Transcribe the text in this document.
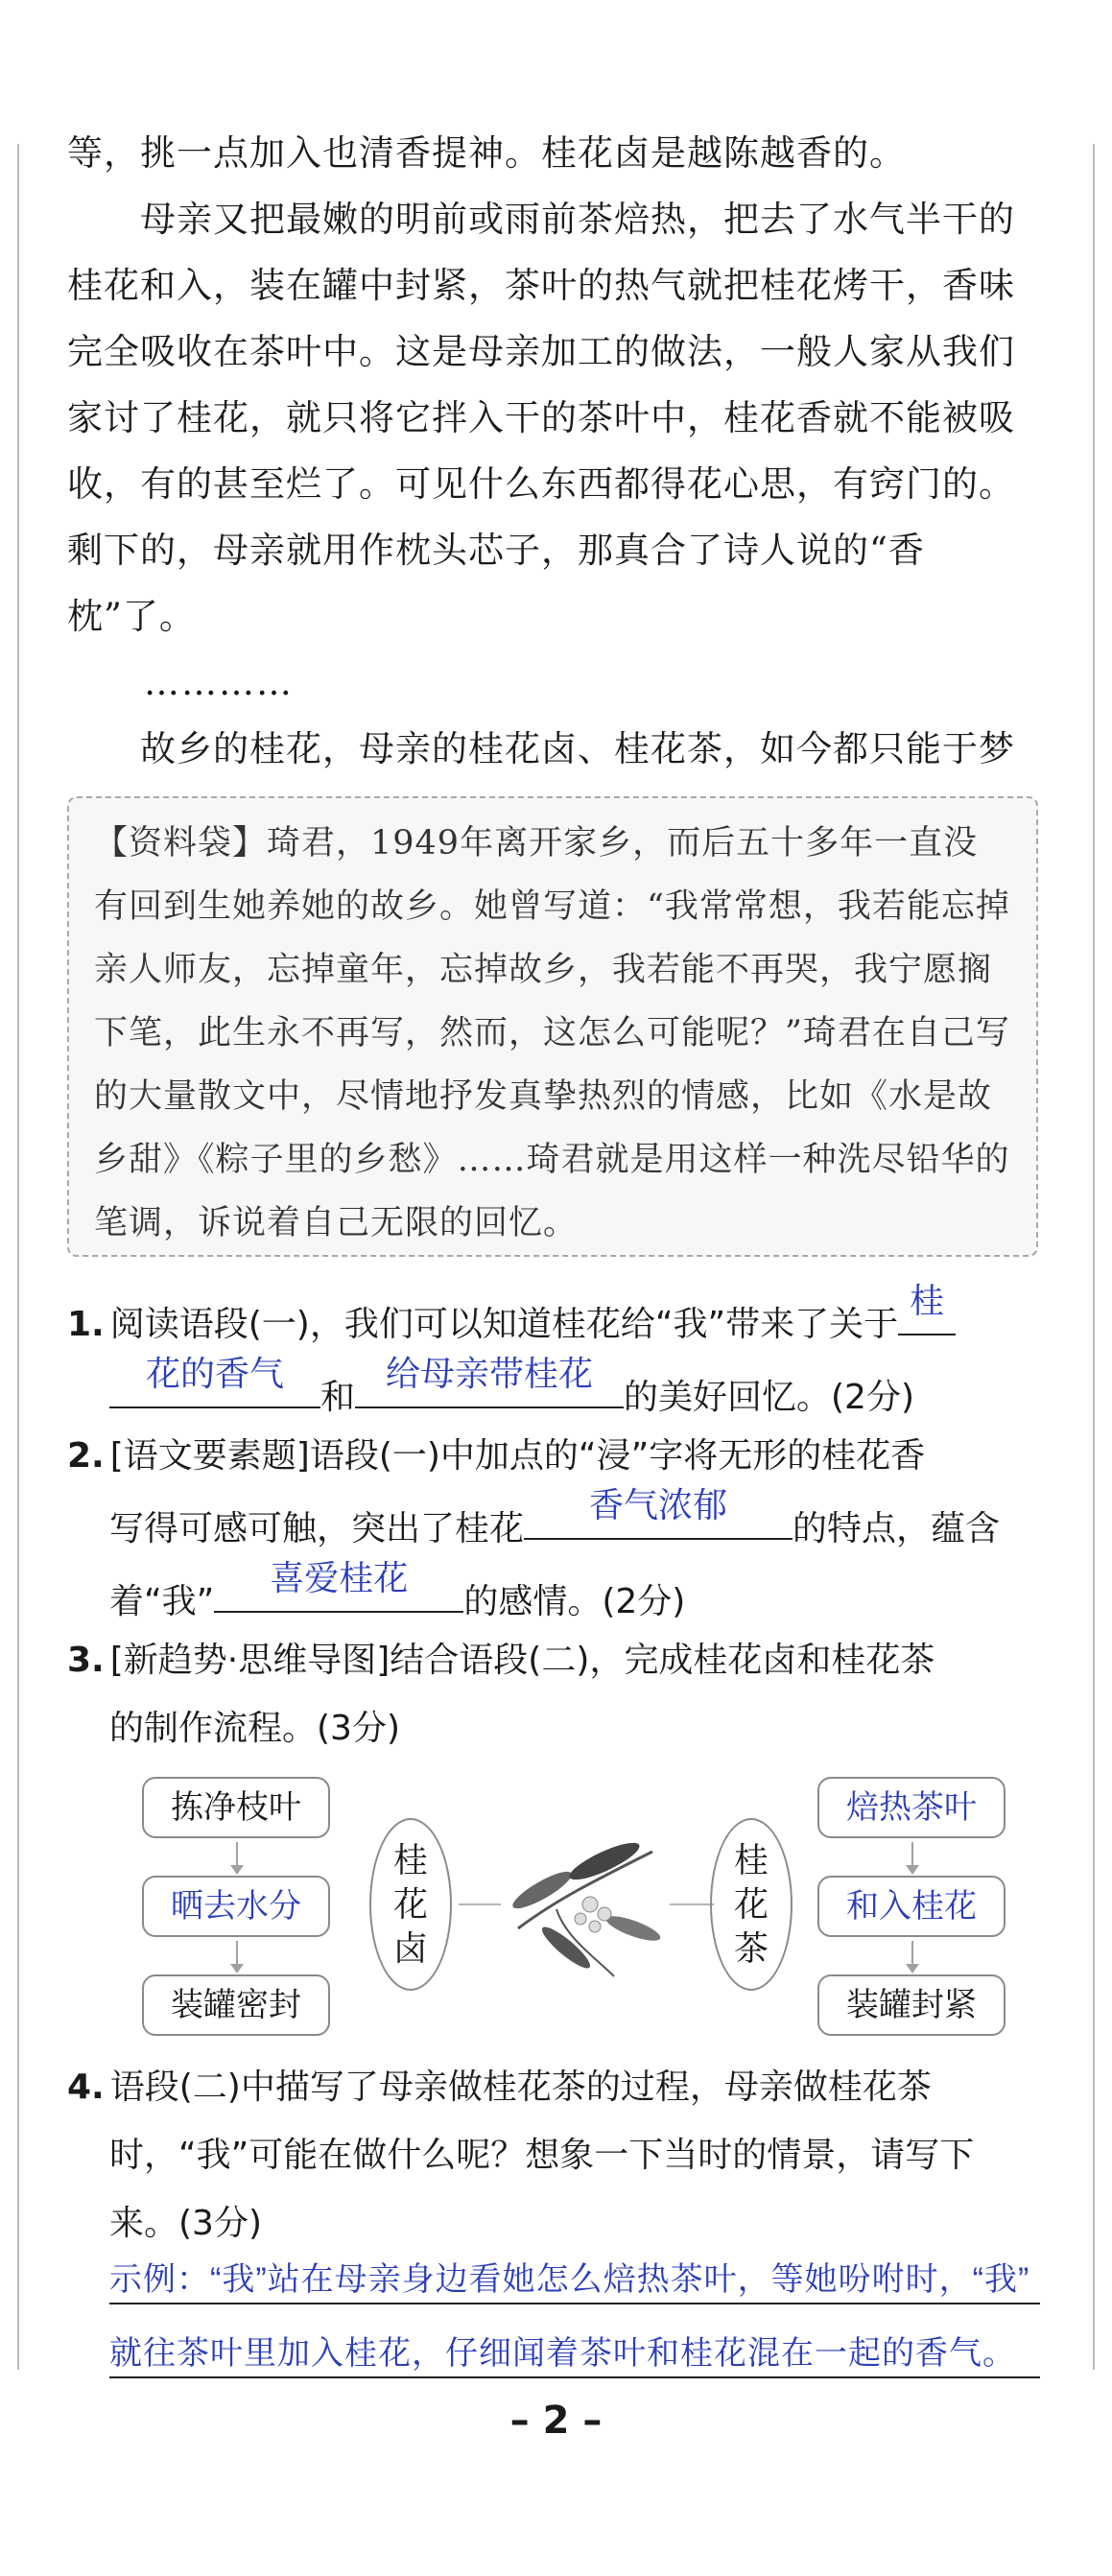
等，挑一点加入也清香提神。桂花卤是越陈越香的。

母亲又把最嫩的明前或雨前茶焙热，把去了水气半干的桂花和入，装在罐中封紧，茶叶的热气就把桂花烤干，香味完全吸收在茶叶中。这是母亲加工的做法，一般人家从我们家讨了桂花，就只将它拌入干的茶叶中，桂花香就不能被吸收，有的甚至烂了。可见什么东西都得花心思，有窍门的。剩下的，母亲就用作枕头芯子，那真合了诗人说的“香枕”了。

…………

故乡的桂花，母亲的桂花卤、桂花茶，如今都只能于梦

【资料袋】琦君，1949年离开家乡，而后五十多年一直没有回到生她养她的故乡。她曾写道：“我常常想，我若能忘掉亲人师友，忘掉童年，忘掉故乡，我若能不再哭，我宁愿搁下笔，此生永不再写，然而，这怎么可能呢？”琦君在自己写的大量散文中，尽情地抒发真挚热烈的情感，比如《水是故乡甜》《粽子里的乡愁》……琦君就是用这样一种洗尽铅华的笔调，诉说着自己无限的回忆。

1. 阅读语段(一)，我们可以知道桂花给“我”带来了关于
桂
花的香气
和
给母亲带桂花
的美好回忆。(2分)
2. [语文要素题]语段(一)中加点的“浸”字将无形的桂花香
写得可感可触，突出了桂花
香气浓郁
的特点，蕴含
着“我”
喜爱桂花
的感情。(2分)
3. [新趋势·思维导图]结合语段(二)，完成桂花卤和桂花茶
的制作流程。(3分)
拣净枝叶
晒去水分
装罐密封
桂
花
卤
桂
花
茶
焙热茶叶
和入桂花
装罐封紧
4. 语段(二)中描写了母亲做桂花茶的过程，母亲做桂花茶
时，“我”可能在做什么呢？想象一下当时的情景，请写下
来。(3分)
示例：“我”站在母亲身边看她怎么焙热茶叶，等她吩咐时，“我”
就往茶叶里加入桂花，仔细闻着茶叶和桂花混在一起的香气。
– 2 –
